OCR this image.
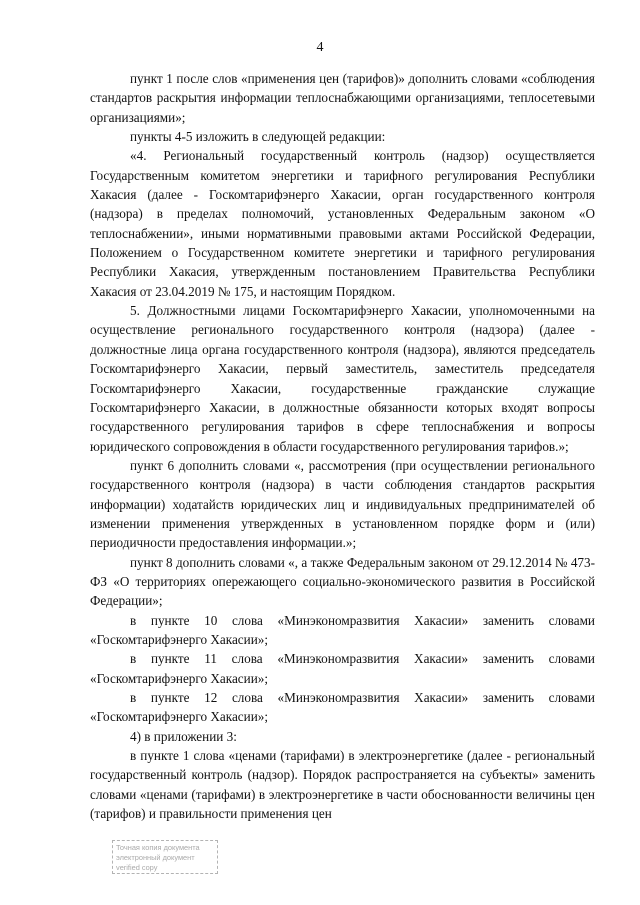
4

пункт 1 после слов «применения цен (тарифов)» дополнить словами «соблюдения стандартов раскрытия информации теплоснабжающими организациями, теплосетевыми организациями»;

пункты 4-5 изложить в следующей редакции:

«4. Региональный государственный контроль (надзор) осуществляется Государственным комитетом энергетики и тарифного регулирования Республики Хакасия (далее - Госкомтарифэнерго Хакасии, орган государственного контроля (надзора) в пределах полномочий, установленных Федеральным законом «О теплоснабжении», иными нормативными правовыми актами Российской Федерации, Положением о Государственном комитете энергетики и тарифного регулирования Республики Хакасия, утвержденным постановлением Правительства Республики Хакасия от 23.04.2019 № 175, и настоящим Порядком.

5. Должностными лицами Госкомтарифэнерго Хакасии, уполномоченными на осуществление регионального государственного контроля (надзора) (далее - должностные лица органа государственного контроля (надзора), являются председатель Госкомтарифэнерго Хакасии, первый заместитель, заместитель председателя Госкомтарифэнерго Хакасии, государственные гражданские служащие Госкомтарифэнерго Хакасии, в должностные обязанности которых входят вопросы государственного регулирования тарифов в сфере теплоснабжения и вопросы юридического сопровождения в области государственного регулирования тарифов.»;

пункт 6 дополнить словами «, рассмотрения (при осуществлении регионального государственного контроля (надзора) в части соблюдения стандартов раскрытия информации) ходатайств юридических лиц и индивидуальных предпринимателей об изменении применения утвержденных в установленном порядке форм и (или) периодичности предоставления информации.»;

пункт 8 дополнить словами «, а также Федеральным законом от 29.12.2014 № 473-ФЗ «О территориях опережающего социально-экономического развития в Российской Федерации»;

в пункте 10 слова «Минэкономразвития Хакасии» заменить словами «Госкомтарифэнерго Хакасии»;

в пункте 11 слова «Минэкономразвития Хакасии» заменить словами «Госкомтарифэнерго Хакасии»;

в пункте 12 слова «Минэкономразвития Хакасии» заменить словами «Госкомтарифэнерго Хакасии»;

4) в приложении 3:

в пункте 1 слова «ценами (тарифами) в электроэнергетике (далее - региональный государственный контроль (надзор). Порядок распространяется на субъекты» заменить словами «ценами (тарифами) в электроэнергетике в части обоснованности величины цен (тарифов) и правильности применения цен

Точная копия документа
электронный документ
verified copy
